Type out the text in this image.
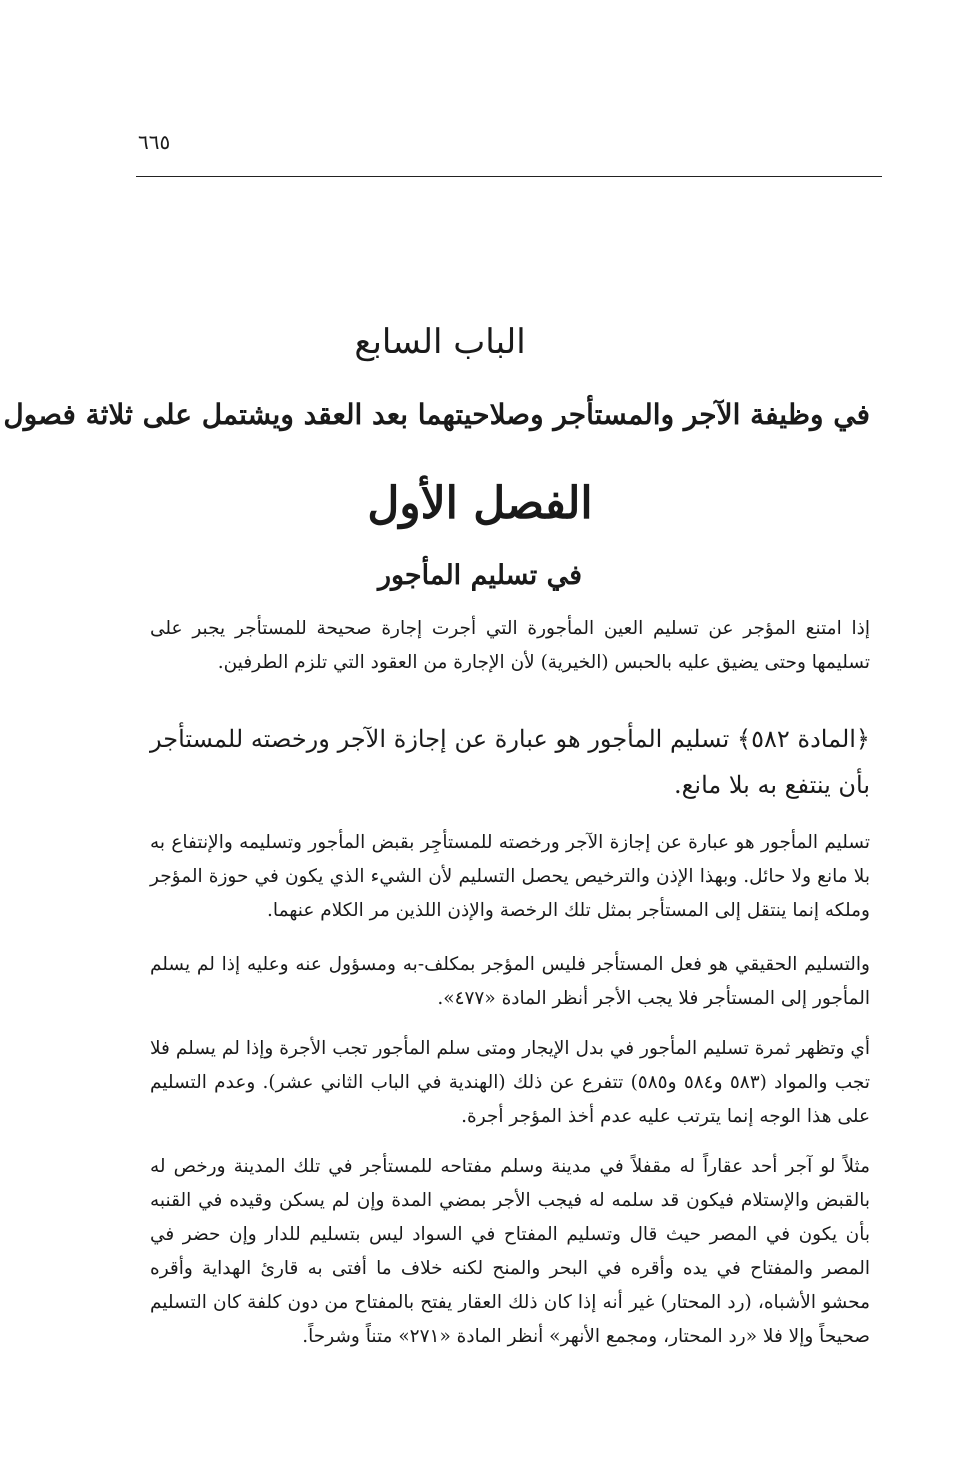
٦٦٥
الباب السابع
في وظيفة الآجر والمستأجر وصلاحيتهما بعد العقد ويشتمل على ثلاثة فصول
الفصل الأول
في تسليم المأجور
إذا امتنع المؤجر عن تسليم العين المأجورة التي أجرت إجارة صحيحة للمستأجر يجبر على تسليمها وحتى يضيق عليه بالحبس (الخيرية) لأن الإجارة من العقود التي تلزم الطرفين.
﴿المادة ٥٨٢﴾ تسليم المأجور هو عبارة عن إجازة الآجر ورخصته للمستأجر بأن ينتفع به بلا مانع.
تسليم المأجور هو عبارة عن إجازة الآجر ورخصته للمستأجِر بقبض المأجور وتسليمه والإنتفاع به بلا مانع ولا حائل. وبهذا الإذن والترخيص يحصل التسليم لأن الشيء الذي يكون في حوزة المؤجر وملكه إنما ينتقل إلى المستأجر بمثل تلك الرخصة والإذن اللذين مر الكلام عنهما.
والتسليم الحقيقي هو فعل المستأجر فليس المؤجر بمكلف-به ومسؤول عنه وعليه إذا لم يسلم المأجور إلى المستأجر فلا يجب الأجر أنظر المادة «٤٧٧».
أي وتظهر ثمرة تسليم المأجور في بدل الإيجار ومتى سلم المأجور تجب الأجرة وإذا لم يسلم فلا تجب والمواد (٥٨٣ و٥٨٤ و٥٨٥) تتفرع عن ذلك (الهندية في الباب الثاني عشر). وعدم التسليم على هذا الوجه إنما يترتب عليه عدم أخذ المؤجر أجرة.
مثلاً لو آجر أحد عقاراً له مقفلاً في مدينة وسلم مفتاحه للمستأجر في تلك المدينة ورخص له بالقبض والإستلام فيكون قد سلمه له فيجب الأجر بمضي المدة وإن لم يسكن وقيده في القنبه بأن يكون في المصر حيث قال وتسليم المفتاح في السواد ليس بتسليم للدار وإن حضر في المصر والمفتاح في يده وأقره في البحر والمنح لكنه خلاف ما أفتى به قارئ الهداية وأقره محشو الأشباه، (رد المحتار) غير أنه إذا كان ذلك العقار يفتح بالمفتاح من دون كلفة كان التسليم صحيحاً وإلا فلا «رد المحتار، ومجمع الأنهر» أنظر المادة «٢٧١» متناً وشرحاً.
